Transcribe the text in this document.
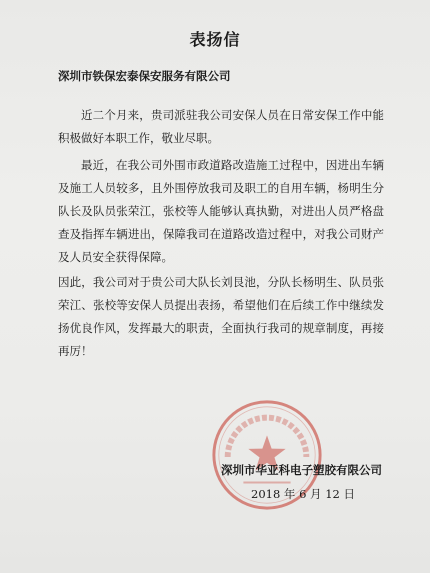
表扬信
深圳市铁保宏泰保安服务有限公司

近二个月来，贵司派驻我公司安保人员在日常安保工作中能积极做好本职工作，敬业尽职。

最近，在我公司外围市政道路改造施工过程中，因进出车辆及施工人员较多，且外围停放我司及职工的自用车辆，杨明生分队长及队员张荣江，张校等人能够认真执勤，对进出人员严格盘查及指挥车辆进出，保障我司在道路改造过程中，对我公司财产及人员安全获得保障。

因此，我公司对于贵公司大队长刘艮池，分队长杨明生、队员张荣江、张校等安保人员提出表扬，希望他们在后续工作中继续发扬优良作风，发挥最大的职责，全面执行我司的规章制度，再接再厉！

深圳市华亚科电子塑胶有限公司
2018 年 6 月 12 日
